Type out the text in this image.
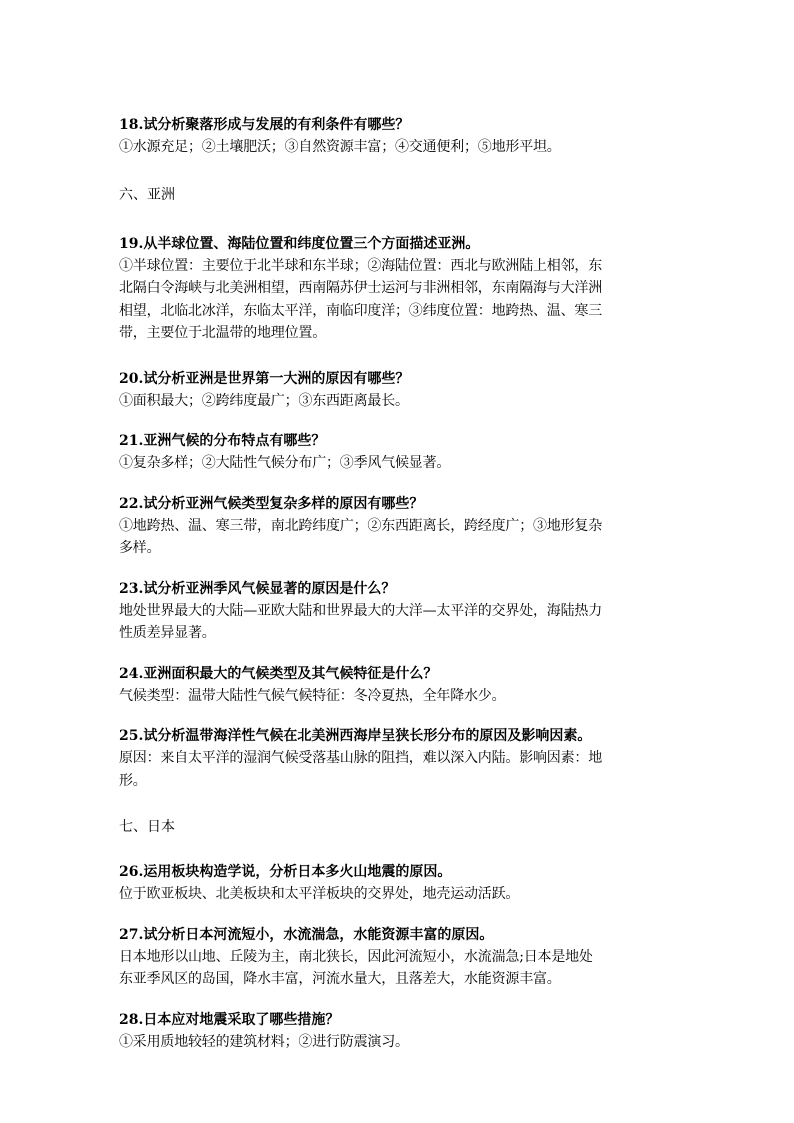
18.试分析聚落形成与发展的有利条件有哪些？

①水源充足；②土壤肥沃；③自然资源丰富；④交通便利；⑤地形平坦。

六、亚洲

19.从半球位置、海陆位置和纬度位置三个方面描述亚洲。

①半球位置：主要位于北半球和东半球；②海陆位置：西北与欧洲陆上相邻，东

北隔白令海峡与北美洲相望，西南隔苏伊士运河与非洲相邻，东南隔海与大洋洲

相望，北临北冰洋，东临太平洋，南临印度洋；③纬度位置：地跨热、温、寒三

带，主要位于北温带的地理位置。

20.试分析亚洲是世界第一大洲的原因有哪些？

①面积最大；②跨纬度最广；③东西距离最长。

21.亚洲气候的分布特点有哪些？

①复杂多样；②大陆性气候分布广；③季风气候显著。

22.试分析亚洲气候类型复杂多样的原因有哪些？

①地跨热、温、寒三带，南北跨纬度广；②东西距离长，跨经度广；③地形复杂

多样。

23.试分析亚洲季风气候显著的原因是什么？

地处世界最大的大陆—亚欧大陆和世界最大的大洋—太平洋的交界处，海陆热力

性质差异显著。

24.亚洲面积最大的气候类型及其气候特征是什么？

气候类型：温带大陆性气候气候特征：冬冷夏热，全年降水少。

25.试分析温带海洋性气候在北美洲西海岸呈狭长形分布的原因及影响因素。

原因：来自太平洋的湿润气候受落基山脉的阻挡，难以深入内陆。影响因素：地

形。

七、日本

26.运用板块构造学说，分析日本多火山地震的原因。

位于欧亚板块、北美板块和太平洋板块的交界处，地壳运动活跃。

27.试分析日本河流短小，水流湍急，水能资源丰富的原因。

日本地形以山地、丘陵为主，南北狭长，因此河流短小，水流湍急;日本是地处

东亚季风区的岛国，降水丰富，河流水量大，且落差大，水能资源丰富。

28.日本应对地震采取了哪些措施？

①采用质地较轻的建筑材料；②进行防震演习。
